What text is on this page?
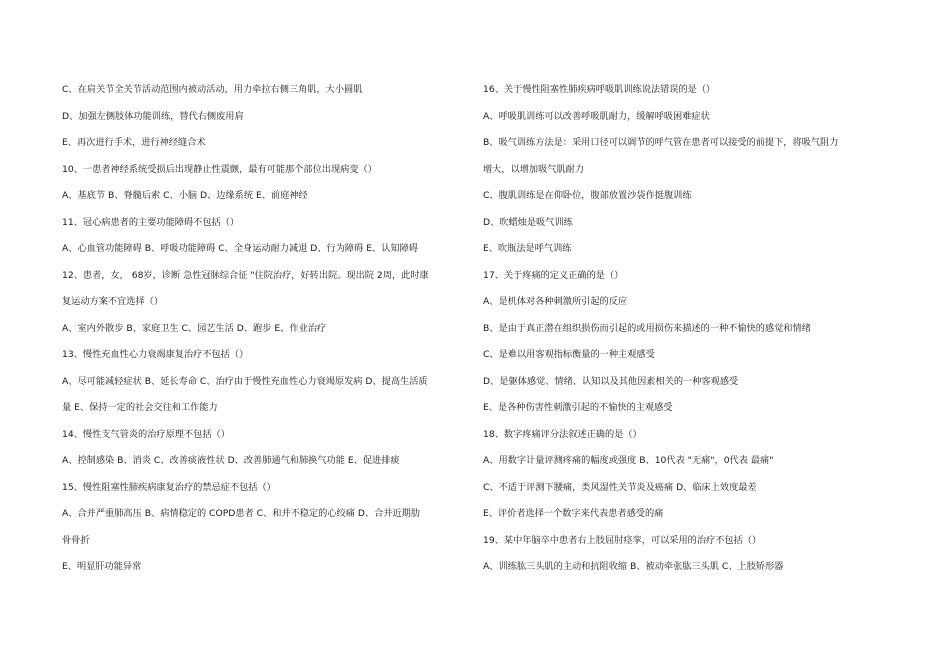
C、在肩关节全关节活动范围内被动活动，用力牵拉右侧三角肌，大小圆肌
D、加强左侧肢体功能训练，替代右侧废用肩
E、再次进行手术，进行神经缝合术
10、一患者神经系统受损后出现静止性震颤，最有可能那个部位出现病变（）
A、基底节 B、脊髓后索 C、小脑 D、边缘系统 E、前庭神经
11、冠心病患者的主要功能障碍不包括（）
A、心血管功能障碍 B、呼吸功能障碍 C、全身运动耐力减退 D、行为障碍 E、认知障碍
12、患者，女， 68岁，诊断 急性冠脉综合征 "住院治疗，好转出院。现出院 2周，此时康
复运动方案不宜选择（）
A、室内外散步 B、家庭卫生 C、园艺生活 D、跑步 E、作业治疗
13、慢性充血性心力衰竭康复治疗不包括（）
A、尽可能减轻症状 B、延长寿命 C、治疗由于慢性充血性心力衰竭原发病 D、提高生活质
量 E、保持一定的社会交往和工作能力
14、慢性支气管炎的治疗原理不包括（）
A、控制感染 B、消炎 C、改善痰液性状 D、改善肺通气和肺换气功能 E、促进排痰
15、慢性阻塞性肺疾病康复治疗的禁忌症不包括（）
A、合并严重肺高压 B、病情稳定的 COPD患者 C、和并不稳定的心绞痛 D、合并近期肋
骨骨折
E、明显肝功能异常
16、关于慢性阻塞性肺疾病呼吸肌训练说法错误的是（）
A、呼吸肌训练可以改善呼吸肌耐力，缓解呼吸困难症状
B、吸气训练方法是：采用口径可以调节的呼气管在患者可以接受的前提下，将吸气阻力
增大，以增加吸气肌耐力
C、腹肌训练是在仰卧位，腹部放置沙袋作挺腹训练
D、吹蜡烛是吸气训练
E、吹瓶法是呼气训练
17、关于疼痛的定义正确的是（）
A、是机体对各种刺激所引起的反应
B、是由于真正潜在组织损伤而引起的或用损伤来描述的一种不愉快的感觉和情绪
C、是难以用客观指标衡量的一种主观感受
D、是躯体感觉、情绪、认知以及其他因素相关的一种客观感受
E、是各种伤害性刺激引起的不愉快的主观感受
18、数字疼痛评分法叙述正确的是（）
A、用数字计量评测疼痛的幅度或强度 B、10代表 "无痛"，0代表 最痛"
C、不适于评测下腰痛，类风湿性关节炎及癌痛 D、临床上效度最差
E、评价者选择一个数字来代表患者感受的痛
19、某中年脑卒中患者右上肢屈肘痉挛，可以采用的治疗不包括（）
A、训练肱三头肌的主动和抗阻收缩 B、被动牵张肱三头肌 C、上肢矫形器
